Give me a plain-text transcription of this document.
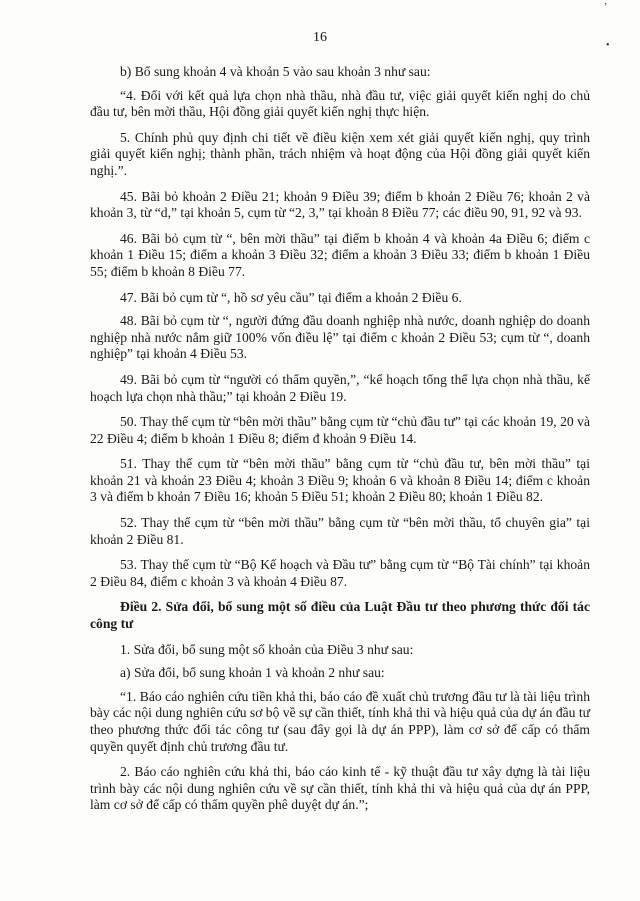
ʼ
•
16

b) Bổ sung khoản 4 và khoản 5 vào sau khoản 3 như sau:

“4. Đối với kết quả lựa chọn nhà thầu, nhà đầu tư, việc giải quyết kiến nghị do chủ đầu tư, bên mời thầu, Hội đồng giải quyết kiến nghị thực hiện.

5. Chính phủ quy định chi tiết về điều kiện xem xét giải quyết kiến nghị, quy trình giải quyết kiến nghị; thành phần, trách nhiệm và hoạt động của Hội đồng giải quyết kiến nghị.”.

45. Bãi bỏ khoản 2 Điều 21; khoản 9 Điều 39; điểm b khoản 2 Điều 76; khoản 2 và khoản 3, từ “d,” tại khoản 5, cụm từ “2, 3,” tại khoản 8 Điều 77; các điều 90, 91, 92 và 93.

46. Bãi bỏ cụm từ “, bên mời thầu” tại điểm b khoản 4 và khoản 4a Điều 6; điểm c khoản 1 Điều 15; điểm a khoản 3 Điều 32; điểm a khoản 3 Điều 33; điểm b khoản 1 Điều 55; điểm b khoản 8 Điều 77.

47. Bãi bỏ cụm từ “, hồ sơ yêu cầu” tại điểm a khoản 2 Điều 6.

48. Bãi bỏ cụm từ “, người đứng đầu doanh nghiệp nhà nước, doanh nghiệp do doanh nghiệp nhà nước nắm giữ 100% vốn điều lệ” tại điểm c khoản 2 Điều 53; cụm từ “, doanh nghiệp” tại khoản 4 Điều 53.

49. Bãi bỏ cụm từ “người có thẩm quyền,”, “kế hoạch tổng thể lựa chọn nhà thầu, kế hoạch lựa chọn nhà thầu;” tại khoản 2 Điều 19.

50. Thay thế cụm từ “bên mời thầu” bằng cụm từ “chủ đầu tư” tại các khoản 19, 20 và 22 Điều 4; điểm b khoản 1 Điều 8; điểm đ khoản 9 Điều 14.

51. Thay thế cụm từ “bên mời thầu” bằng cụm từ “chủ đầu tư, bên mời thầu” tại khoản 21 và khoản 23 Điều 4; khoản 3 Điều 9; khoản 6 và khoản 8 Điều 14; điểm c khoản 3 và điểm b khoản 7 Điều 16; khoản 5 Điều 51; khoản 2 Điều 80; khoản 1 Điều 82.

52. Thay thế cụm từ “bên mời thầu” bằng cụm từ “bên mời thầu, tổ chuyên gia” tại khoản 2 Điều 81.

53. Thay thế cụm từ “Bộ Kế hoạch và Đầu tư” bằng cụm từ “Bộ Tài chính” tại khoản 2 Điều 84, điểm c khoản 3 và khoản 4 Điều 87.

Điều 2. Sửa đổi, bổ sung một số điều của Luật Đầu tư theo phương thức đối tác công tư

1. Sửa đổi, bổ sung một số khoản của Điều 3 như sau:

a) Sửa đổi, bổ sung khoản 1 và khoản 2 như sau:

“1. Báo cáo nghiên cứu tiền khả thi, báo cáo đề xuất chủ trương đầu tư là tài liệu trình bày các nội dung nghiên cứu sơ bộ về sự cần thiết, tính khả thi và hiệu quả của dự án đầu tư theo phương thức đối tác công tư (sau đây gọi là dự án PPP), làm cơ sở để cấp có thẩm quyền quyết định chủ trương đầu tư.

2. Báo cáo nghiên cứu khả thi, báo cáo kinh tế - kỹ thuật đầu tư xây dựng là tài liệu trình bày các nội dung nghiên cứu về sự cần thiết, tính khả thi và hiệu quả của dự án PPP, làm cơ sở để cấp có thẩm quyền phê duyệt dự án.”;
